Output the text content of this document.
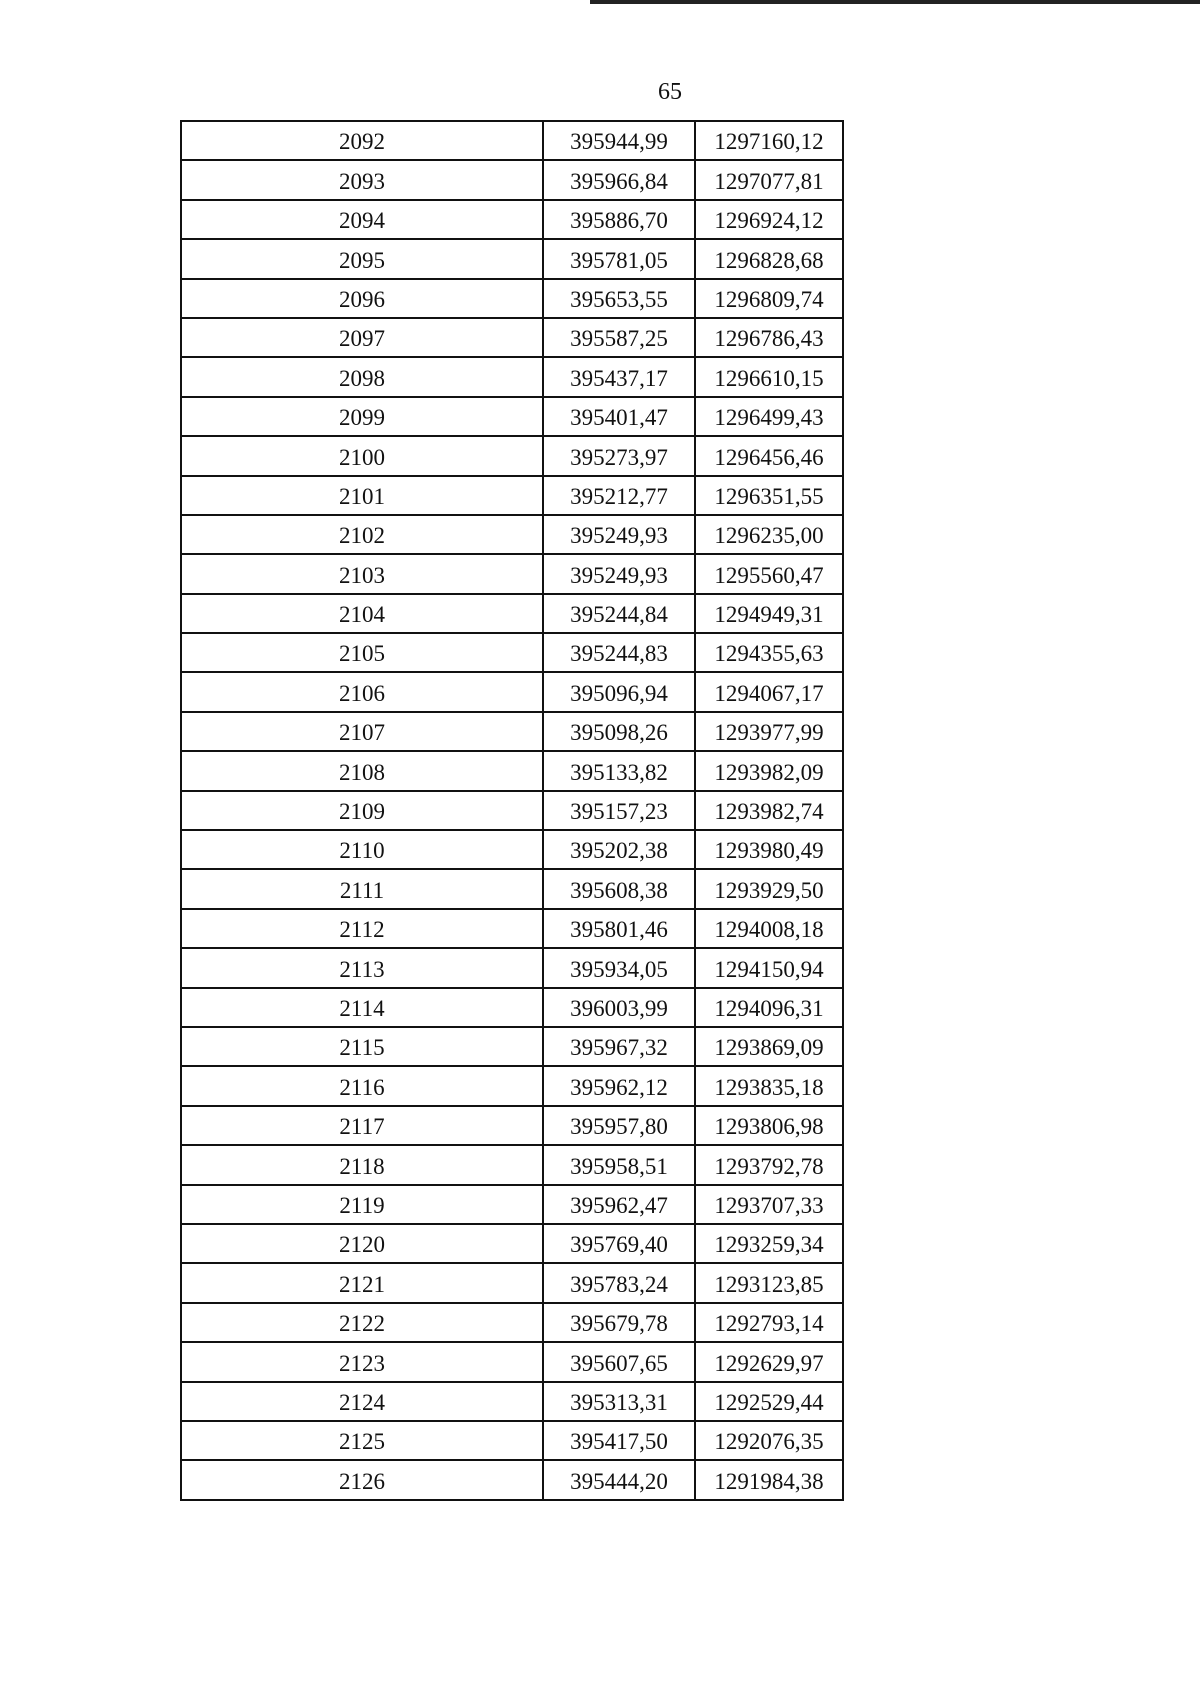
65
2092	395944,99	1297160,12
2093	395966,84	1297077,81
2094	395886,70	1296924,12
2095	395781,05	1296828,68
2096	395653,55	1296809,74
2097	395587,25	1296786,43
2098	395437,17	1296610,15
2099	395401,47	1296499,43
2100	395273,97	1296456,46
2101	395212,77	1296351,55
2102	395249,93	1296235,00
2103	395249,93	1295560,47
2104	395244,84	1294949,31
2105	395244,83	1294355,63
2106	395096,94	1294067,17
2107	395098,26	1293977,99
2108	395133,82	1293982,09
2109	395157,23	1293982,74
2110	395202,38	1293980,49
2111	395608,38	1293929,50
2112	395801,46	1294008,18
2113	395934,05	1294150,94
2114	396003,99	1294096,31
2115	395967,32	1293869,09
2116	395962,12	1293835,18
2117	395957,80	1293806,98
2118	395958,51	1293792,78
2119	395962,47	1293707,33
2120	395769,40	1293259,34
2121	395783,24	1293123,85
2122	395679,78	1292793,14
2123	395607,65	1292629,97
2124	395313,31	1292529,44
2125	395417,50	1292076,35
2126	395444,20	1291984,38
